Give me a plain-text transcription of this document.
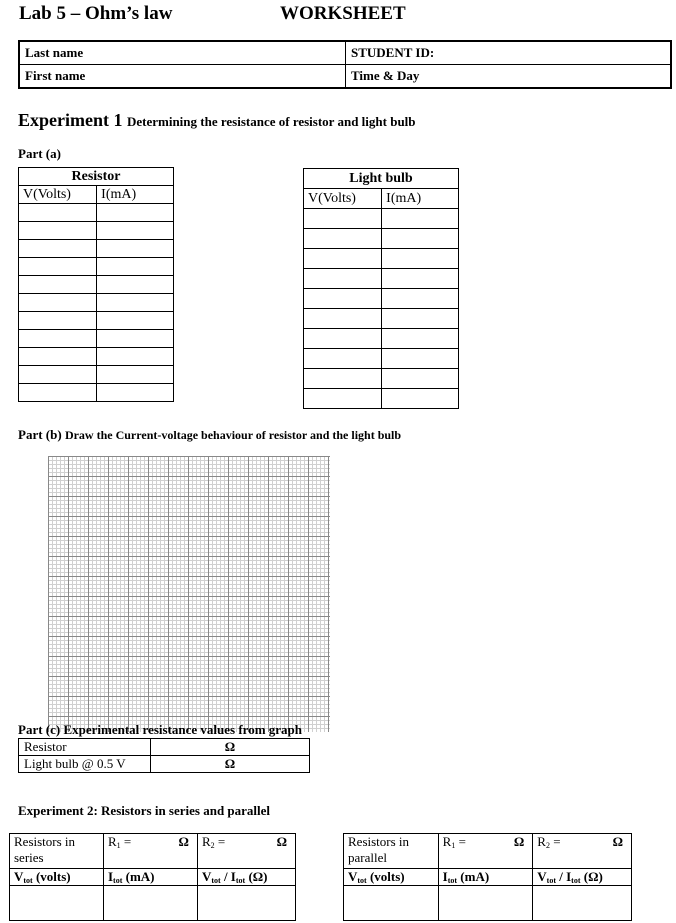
Lab 5 – Ohm’s law	WORKSHEET
Last name	STUDENT ID:
First name	Time & Day
Experiment 1 Determining the resistance of resistor and light bulb
Part (a)
Resistor	
V(Volts)	I(mA)

Light bulb	
V(Volts)	I(mA)

Part (b) Draw the Current-voltage behaviour of resistor and the light bulb
Part (c) Experimental resistance values from graph
Resistor	Ω
Light bulb @ 0.5 V	Ω
Experiment 2: Resistors in series and parallel
Resistors in series	R1 = Ω	R2 = Ω

$V_{tot}$ (volts)	$I_{tot}$ (mA)	$V_{tot} / I_{tot}$ (Ω)

Resistors in parallel	R1 = Ω	R2 = Ω

$V_{tot}$ (volts)	$I_{tot}$ (mA)	$V_{tot} / I_{tot}$ (Ω)
